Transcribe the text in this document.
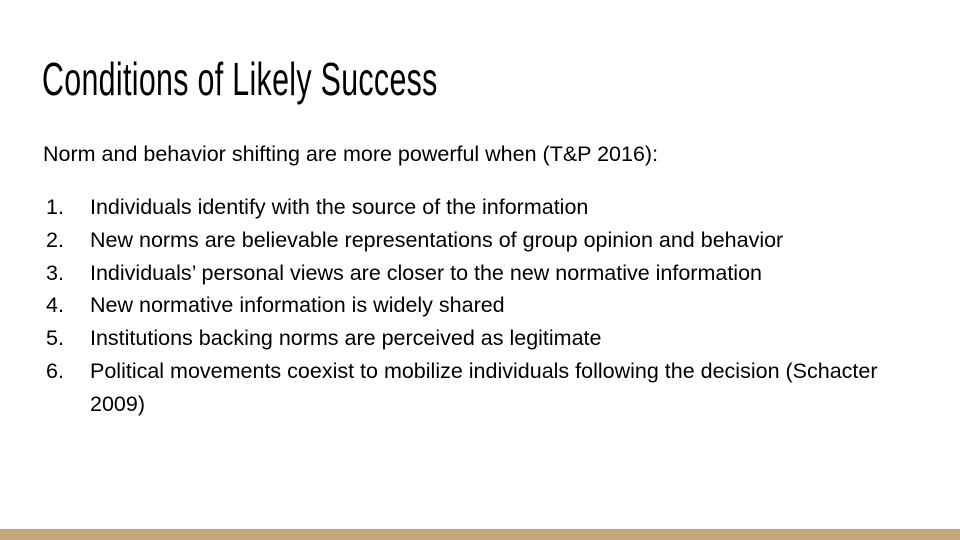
Conditions of Likely Success

Norm and behavior shifting are more powerful when (T&P 2016):

1.	Individuals identify with the source of the information
2.	New norms are believable representations of group opinion and behavior
3.	Individuals’ personal views are closer to the new normative information
4.	New normative information is widely shared
5.	Institutions backing norms are perceived as legitimate
6.	Political movements coexist to mobilize individuals following the decision (Schacter 2009)
